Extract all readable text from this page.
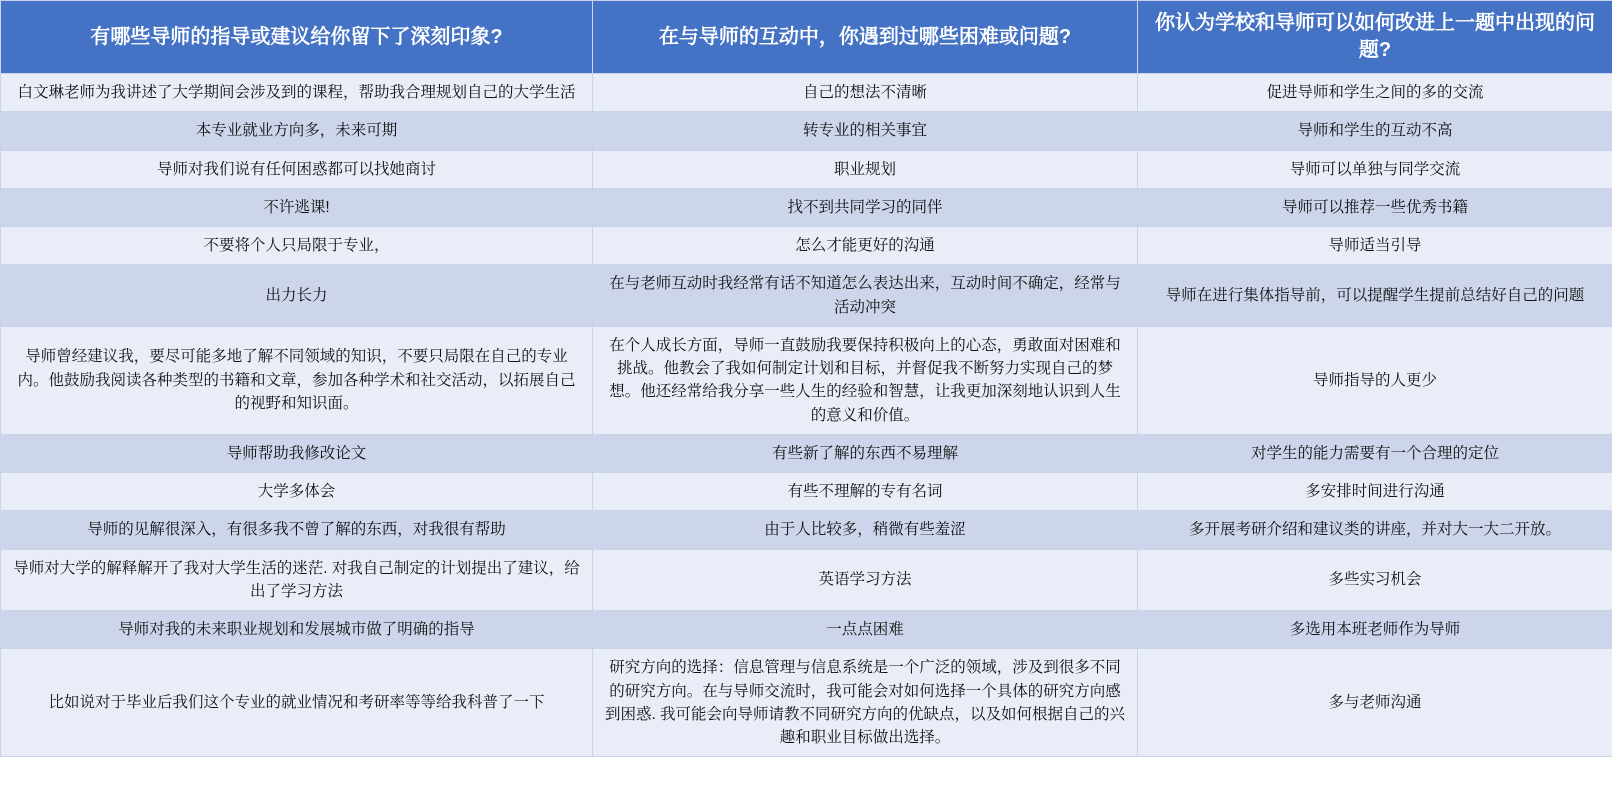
有哪些导师的指导或建议给你留下了深刻印象?	在与导师的互动中，你遇到过哪些困难或问题?	你认为学校和导师可以如何改进上一题中出现的问题?
白文琳老师为我讲述了大学期间会涉及到的课程，帮助我合理规划自己的大学生活	自己的想法不清晰	促进导师和学生之间的多的交流
本专业就业方向多，未来可期	转专业的相关事宜	导师和学生的互动不高
导师对我们说有任何困惑都可以找她商讨	职业规划	导师可以单独与同学交流
不许逃课!	找不到共同学习的同伴	导师可以推荐一些优秀书籍
不要将个人只局限于专业，	怎么才能更好的沟通	导师适当引导
出力长力	在与老师互动时我经常有话不知道怎么表达出来，互动时间不确定，经常与活动冲突	导师在进行集体指导前，可以提醒学生提前总结好自己的问题
导师曾经建议我，要尽可能多地了解不同领域的知识，不要只局限在自己的专业内。他鼓励我阅读各种类型的书籍和文章，参加各种学术和社交活动，以拓展自己的视野和知识面。	在个人成长方面，导师一直鼓励我要保持积极向上的心态，勇敢面对困难和挑战。他教会了我如何制定计划和目标，并督促我不断努力实现自己的梦想。他还经常给我分享一些人生的经验和智慧，让我更加深刻地认识到人生的意义和价值。	导师指导的人更少
导师帮助我修改论文	有些新了解的东西不易理解	对学生的能力需要有一个合理的定位
大学多体会	有些不理解的专有名词	多安排时间进行沟通
导师的见解很深入，有很多我不曾了解的东西，对我很有帮助	由于人比较多，稍微有些羞涩	多开展考研介绍和建议类的讲座，并对大一大二开放。
导师对大学的解释解开了我对大学生活的迷茫. 对我自己制定的计划提出了建议，给出了学习方法	英语学习方法	多些实习机会
导师对我的未来职业规划和发展城市做了明确的指导	一点点困难	多选用本班老师作为导师
比如说对于毕业后我们这个专业的就业情况和考研率等等给我科普了一下	研究方向的选择：信息管理与信息系统是一个广泛的领域，涉及到很多不同的研究方向。在与导师交流时，我可能会对如何选择一个具体的研究方向感到困惑. 我可能会向导师请教不同研究方向的优缺点，以及如何根据自己的兴趣和职业目标做出选择。	多与老师沟通
